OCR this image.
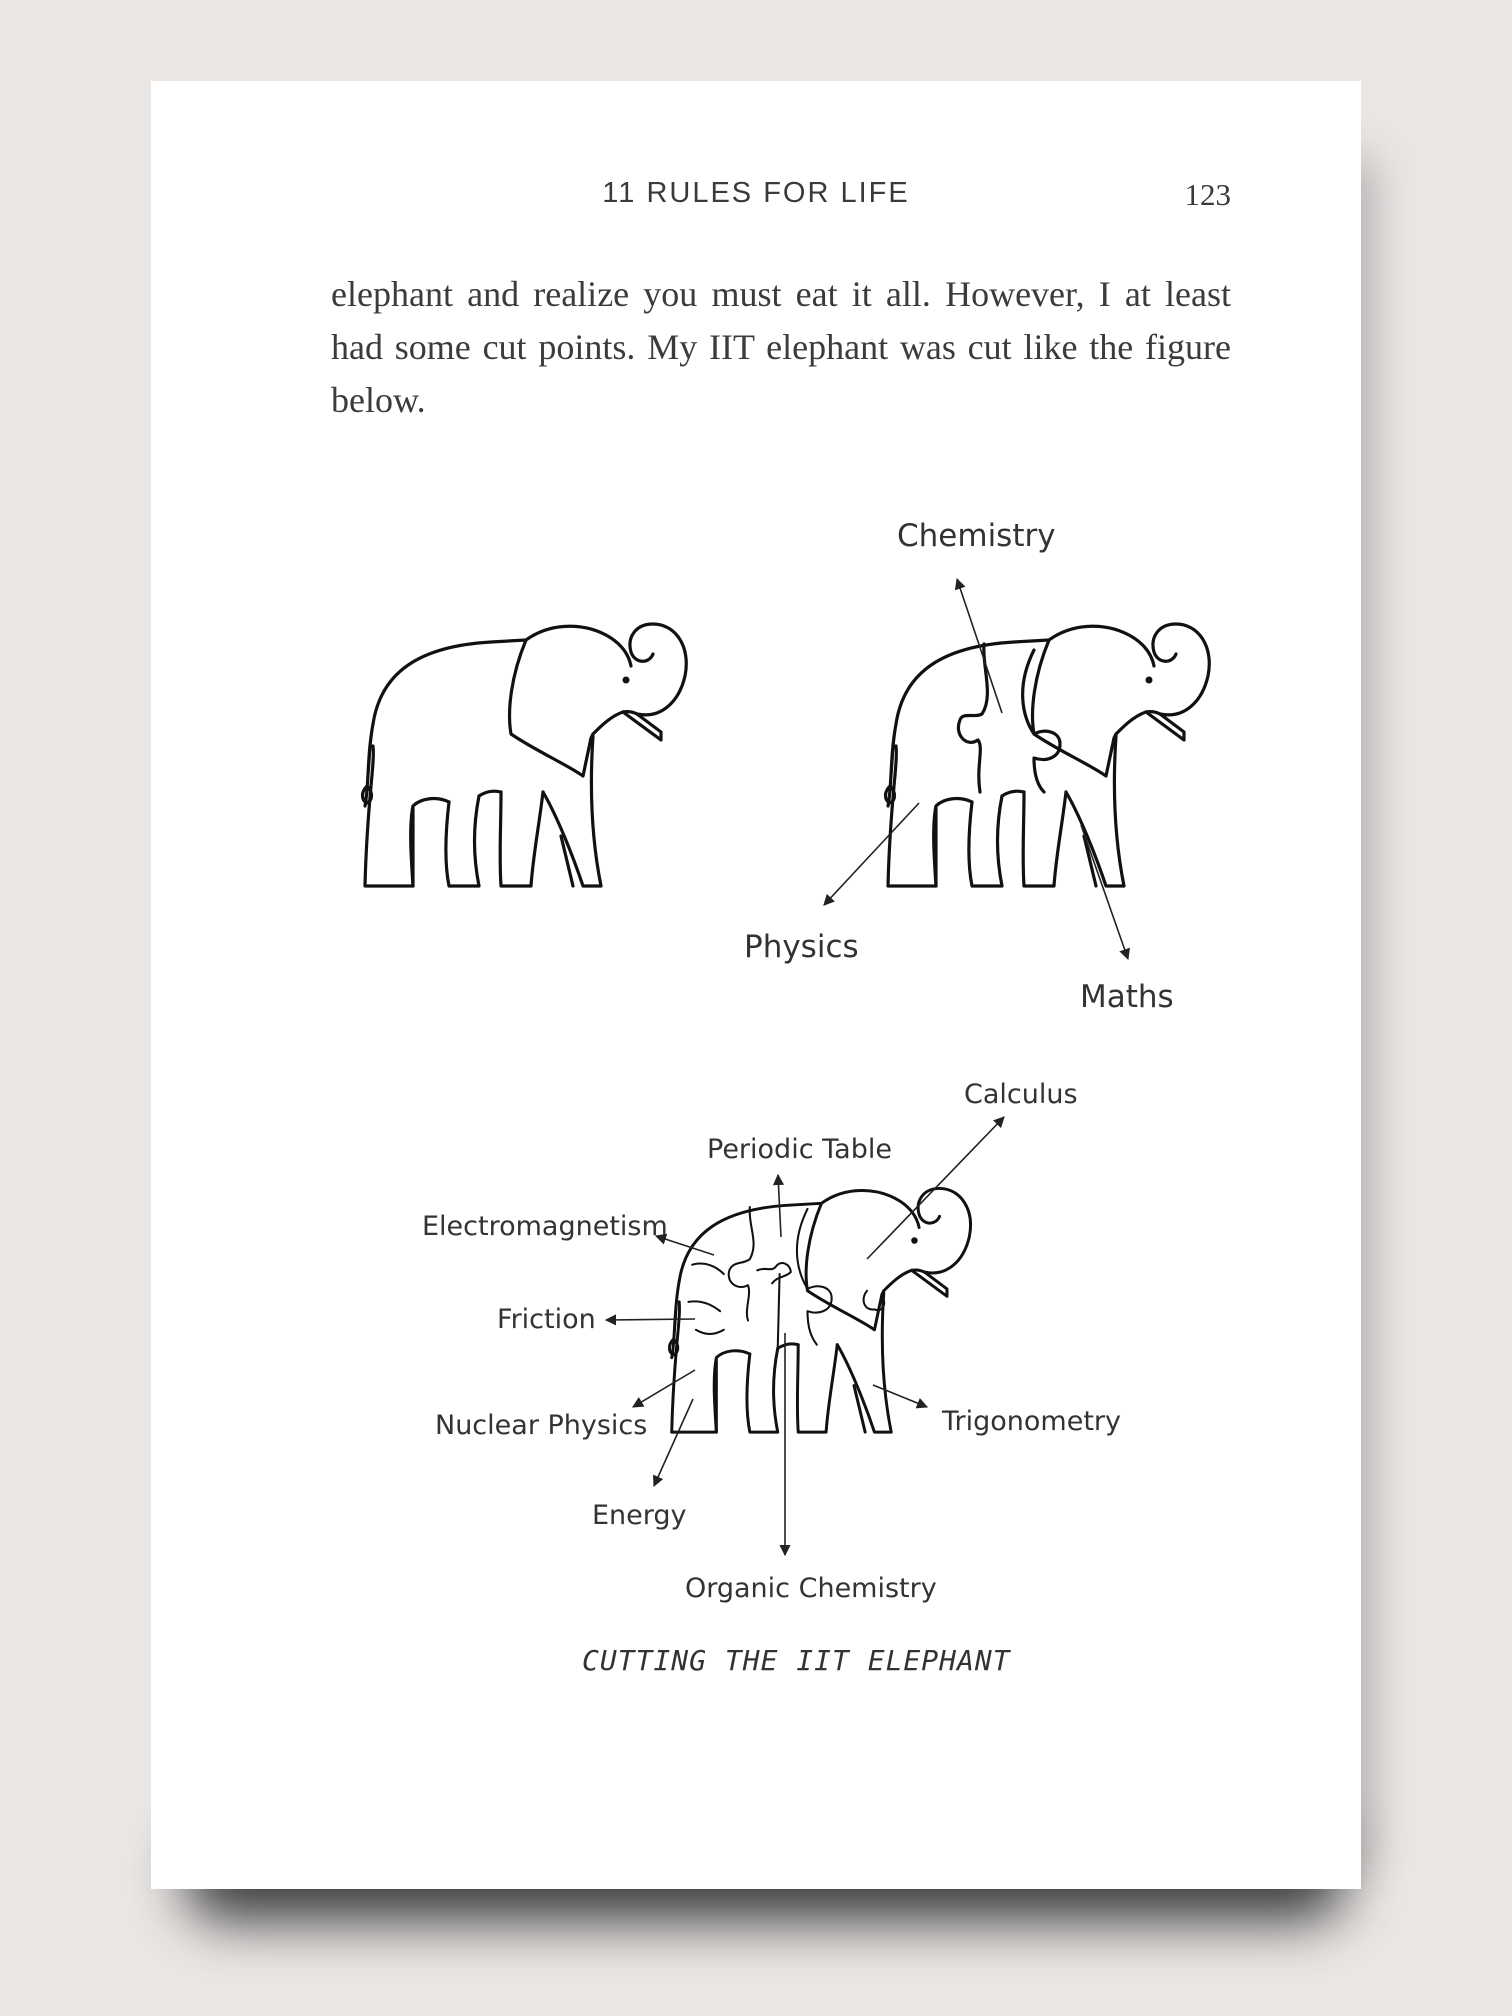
11 RULES FOR LIFE	123
elephant and realize you must eat it all. However, I at least had some cut points. My IIT elephant was cut like the figure below.
Chemistry
Physics
Maths
Calculus
Periodic Table
Electromagnetism
Friction
Nuclear Physics
Energy
Organic Chemistry
Trigonometry
CUTTING THE IIT ELEPHANT
